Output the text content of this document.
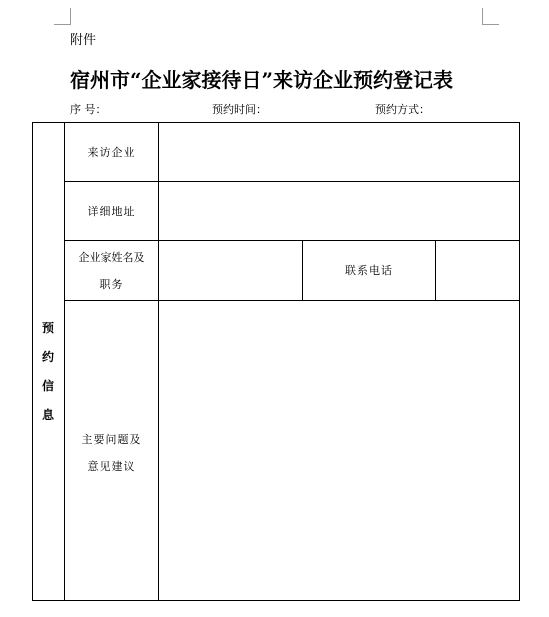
附件
宿州市“企业家接待日”来访企业预约登记表
序 号：	预约时间：	预约方式：
预约信息
来访企业
详细地址
企业家姓名及
职务
联系电话
主要问题及
意见建议
